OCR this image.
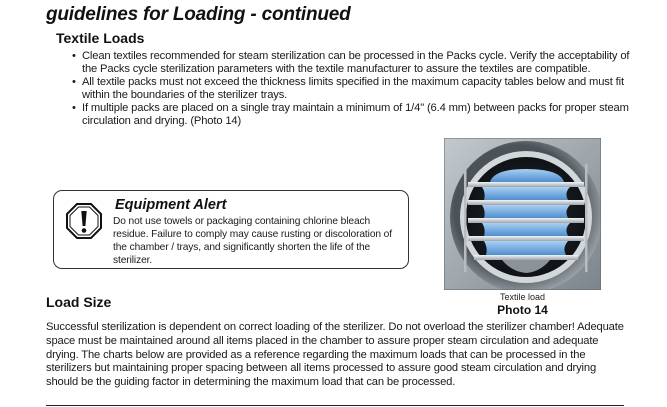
guidelines for Loading - continued
Textile Loads
• Clean textiles recommended for steam sterilization can be processed in the Packs cycle. Verify the acceptability of the Packs cycle sterilization parameters with the textile manufacturer to assure the textiles are compatible.
• All textile packs must not exceed the thickness limits specified in the maximum capacity tables below and must fit within the boundaries of the sterilizer trays.
• If multiple packs are placed on a single tray maintain a minimum of 1/4" (6.4 mm) between packs for proper steam circulation and drying. (Photo 14)
Equipment Alert
Do not use towels or packaging containing chlorine bleach residue. Failure to comply may cause rusting or discoloration of the chamber / trays, and significantly shorten the life of the sterilizer.
Textile load
Photo 14
Load Size

Successful sterilization is dependent on correct loading of the sterilizer. Do not overload the sterilizer chamber! Adequate space must be maintained around all items placed in the chamber to assure proper steam circulation and adequate drying. The charts below are provided as a reference regarding the maximum loads that can be processed in the sterilizers but maintaining proper spacing between all items processed to assure good steam circulation and drying should be the guiding factor in determining the maximum load that can be processed.
